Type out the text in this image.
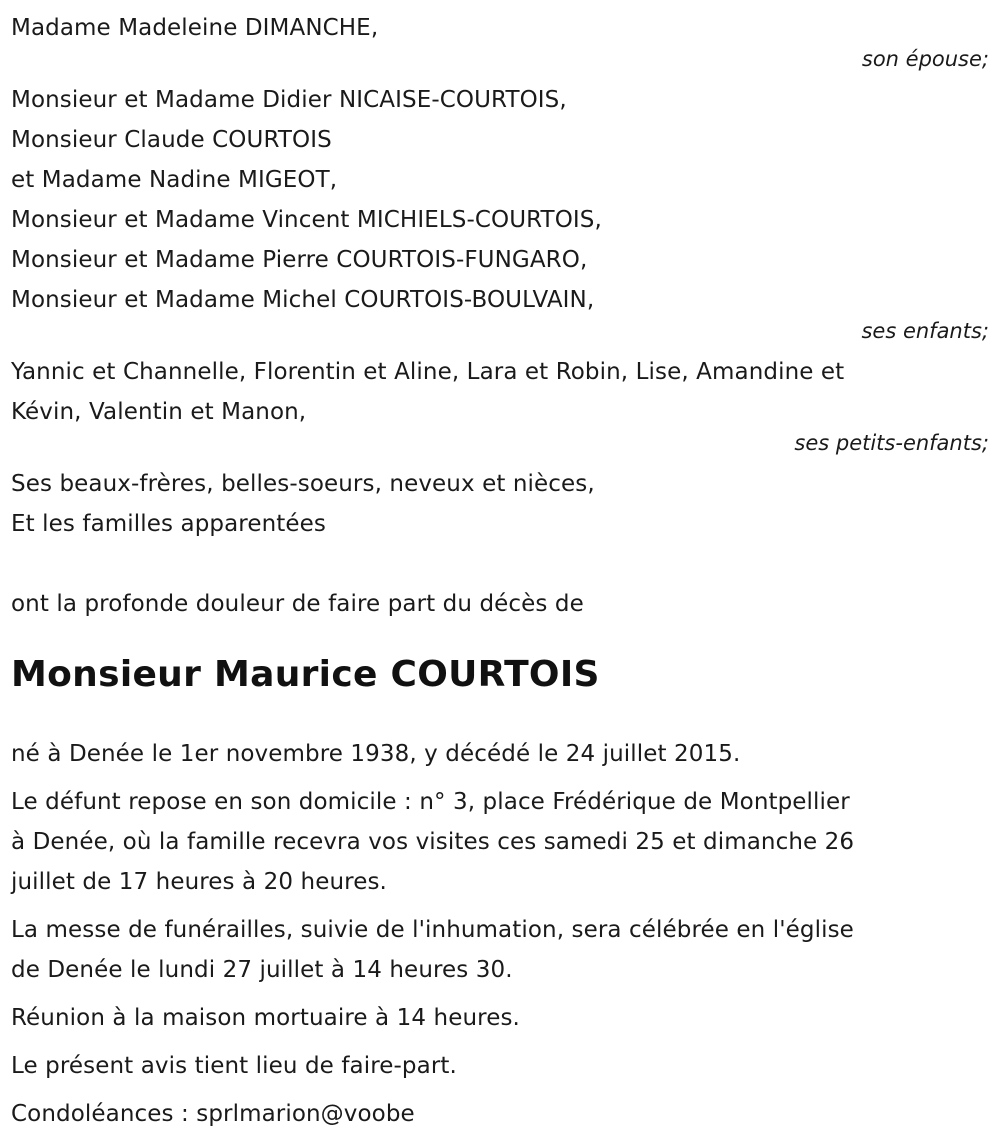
Madame Madeleine DIMANCHE,
son épouse;
Monsieur et Madame Didier NICAISE-COURTOIS,
Monsieur Claude COURTOIS
et Madame Nadine MIGEOT,
Monsieur et Madame Vincent MICHIELS-COURTOIS,
Monsieur et Madame Pierre COURTOIS-FUNGARO,
Monsieur et Madame Michel COURTOIS-BOULVAIN,
ses enfants;
Yannic et Channelle, Florentin et Aline, Lara et Robin, Lise, Amandine et
Kévin, Valentin et Manon,
ses petits-enfants;
Ses beaux-frères, belles-soeurs, neveux et nièces,
Et les familles apparentées
ont la profonde douleur de faire part du décès de
Monsieur Maurice COURTOIS
né à Denée le 1er novembre 1938, y décédé le 24 juillet 2015.
Le défunt repose en son domicile : n° 3, place Frédérique de Montpellier
à Denée, où la famille recevra vos visites ces samedi 25 et dimanche 26
juillet de 17 heures à 20 heures.
La messe de funérailles, suivie de l'inhumation, sera célébrée en l'église
de Denée le lundi 27 juillet à 14 heures 30.
Réunion à la maison mortuaire à 14 heures.
Le présent avis tient lieu de faire-part.
Condoléances : sprlmarion@voobe
